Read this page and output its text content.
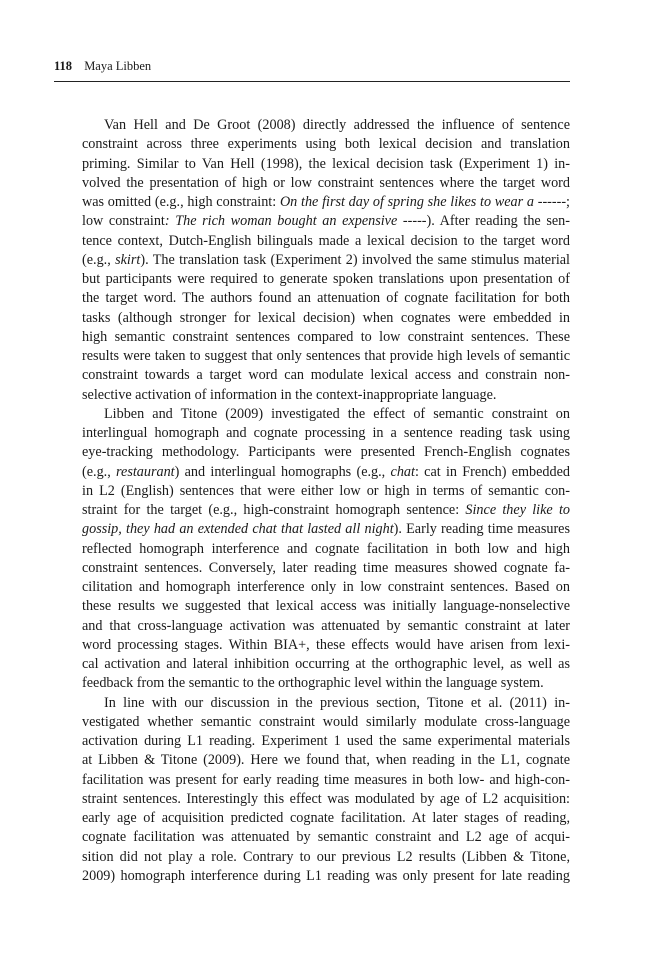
118 Maya Libben
Van Hell and De Groot (2008) directly addressed the influence of sentence
constraint across three experiments using both lexical decision and translation
priming. Similar to Van Hell (1998), the lexical decision task (Experiment 1) in-
volved the presentation of high or low constraint sentences where the target word
was omitted (e.g., high constraint: On the first day of spring she likes to wear a ------;
low constraint: The rich woman bought an expensive -----). After reading the sen-
tence context, Dutch-English bilinguals made a lexical decision to the target word
(e.g., skirt). The translation task (Experiment 2) involved the same stimulus material
but participants were required to generate spoken translations upon presentation of
the target word. The authors found an attenuation of cognate facilitation for both
tasks (although stronger for lexical decision) when cognates were embedded in
high semantic constraint sentences compared to low constraint sentences. These
results were taken to suggest that only sentences that provide high levels of semantic
constraint towards a target word can modulate lexical access and constrain non-
selective activation of information in the context-inappropriate language.
Libben and Titone (2009) investigated the effect of semantic constraint on
interlingual homograph and cognate processing in a sentence reading task using
eye-tracking methodology. Participants were presented French-English cognates
(e.g., restaurant) and interlingual homographs (e.g., chat: cat in French) embedded
in L2 (English) sentences that were either low or high in terms of semantic con-
straint for the target (e.g., high-constraint homograph sentence: Since they like to
gossip, they had an extended chat that lasted all night). Early reading time measures
reflected homograph interference and cognate facilitation in both low and high
constraint sentences. Conversely, later reading time measures showed cognate fa-
cilitation and homograph interference only in low constraint sentences. Based on
these results we suggested that lexical access was initially language-nonselective
and that cross-language activation was attenuated by semantic constraint at later
word processing stages. Within BIA+, these effects would have arisen from lexi-
cal activation and lateral inhibition occurring at the orthographic level, as well as
feedback from the semantic to the orthographic level within the language system.
In line with our discussion in the previous section, Titone et al. (2011) in-
vestigated whether semantic constraint would similarly modulate cross-language
activation during L1 reading. Experiment 1 used the same experimental materials
at Libben & Titone (2009). Here we found that, when reading in the L1, cognate
facilitation was present for early reading time measures in both low- and high-con-
straint sentences. Interestingly this effect was modulated by age of L2 acquisition:
early age of acquisition predicted cognate facilitation. At later stages of reading,
cognate facilitation was attenuated by semantic constraint and L2 age of acqui-
sition did not play a role. Contrary to our previous L2 results (Libben & Titone,
2009) homograph interference during L1 reading was only present for late reading
